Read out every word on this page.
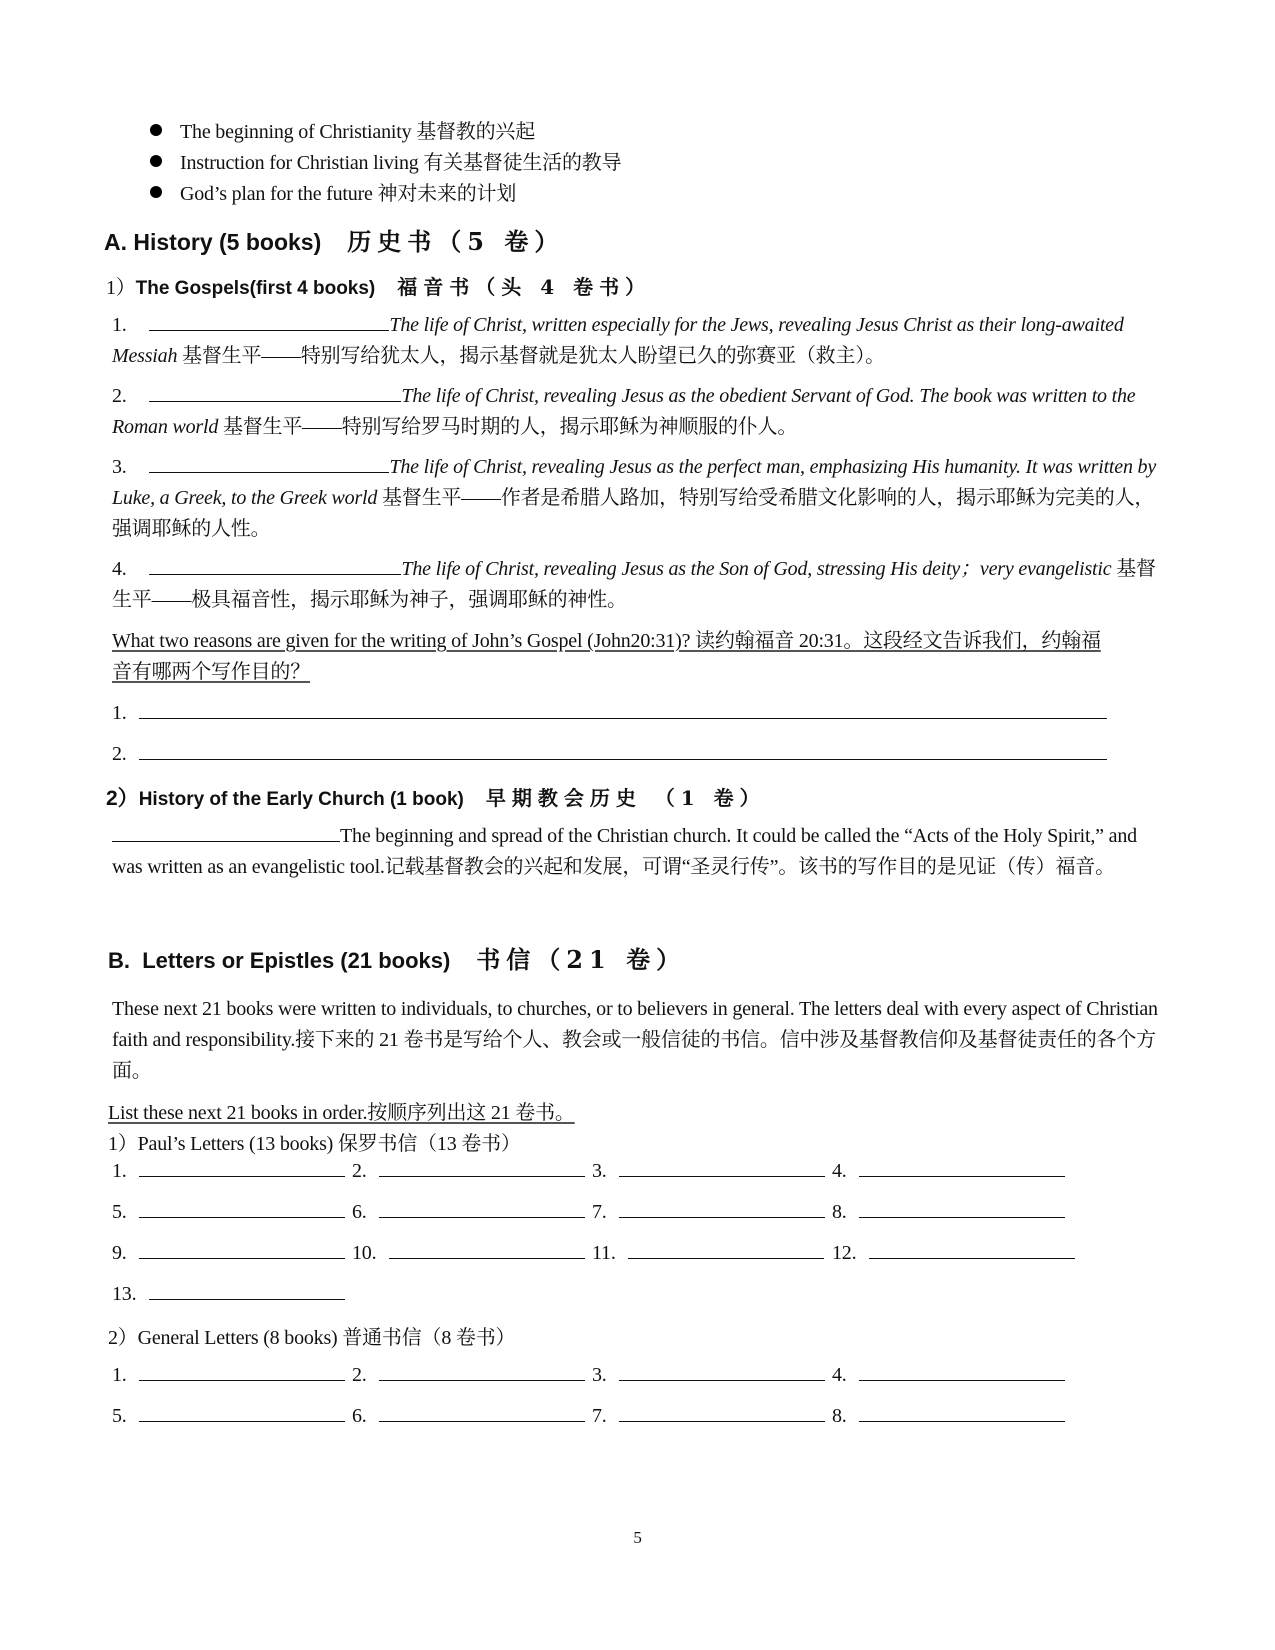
The beginning of Christianity 基督教的兴起
Instruction for Christian living 有关基督徒生活的教导
God’s plan for the future 神对未来的计划
A. History (5 books) 历史书（5 卷）
1）The Gospels(first 4 books) 福音书（头 4 卷书）
1.	The life of Christ, written especially for the Jews, revealing Jesus Christ as their long-awaited Messiah 基督生平——特别写给犹太人，揭示基督就是犹太人盼望已久的弥赛亚（救主）。
2.	The life of Christ, revealing Jesus as the obedient Servant of God. The book was written to the Roman world 基督生平——特别写给罗马时期的人，揭示耶稣为神顺服的仆人。
3.	The life of Christ, revealing Jesus as the perfect man, emphasizing His humanity. It was written by Luke, a Greek, to the Greek world 基督生平——作者是希腊人路加，特别写给受希腊文化影响的人，揭示耶稣为完美的人，强调耶稣的人性。
4.	The life of Christ, revealing Jesus as the Son of God, stressing His deity；very evangelistic 基督生平——极具福音性，揭示耶稣为神子，强调耶稣的神性。
What two reasons are given for the writing of John’s Gospel (John20:31)? 读约翰福音 20:31。这段经文告诉我们，约翰福音有哪两个写作目的？
1.
2.
2）History of the Early Church (1 book) 早期教会历史 （1 卷）
The beginning and spread of the Christian church. It could be called the “Acts of the Holy Spirit,” and was written as an evangelistic tool.记载基督教会的兴起和发展，可谓“圣灵行传”。该书的写作目的是见证（传）福音。
B.  Letters or Epistles (21 books) 书信（21 卷）
These next 21 books were written to individuals, to churches, or to believers in general. The letters deal with every aspect of Christian faith and responsibility.接下来的 21 卷书是写给个人、教会或一般信徒的书信。信中涉及基督教信仰及基督徒责任的各个方面。
List these next 21 books in order.按顺序列出这 21 卷书。
1）Paul’s Letters (13 books) 保罗书信（13 卷书）
1.	2.	3.	4.
5.	6.	7.	8.
9.	10.	11.	12.
13.
2）General Letters (8 books) 普通书信（8 卷书）
1.	2.	3.	4.
5.	6.	7.	8.
5
